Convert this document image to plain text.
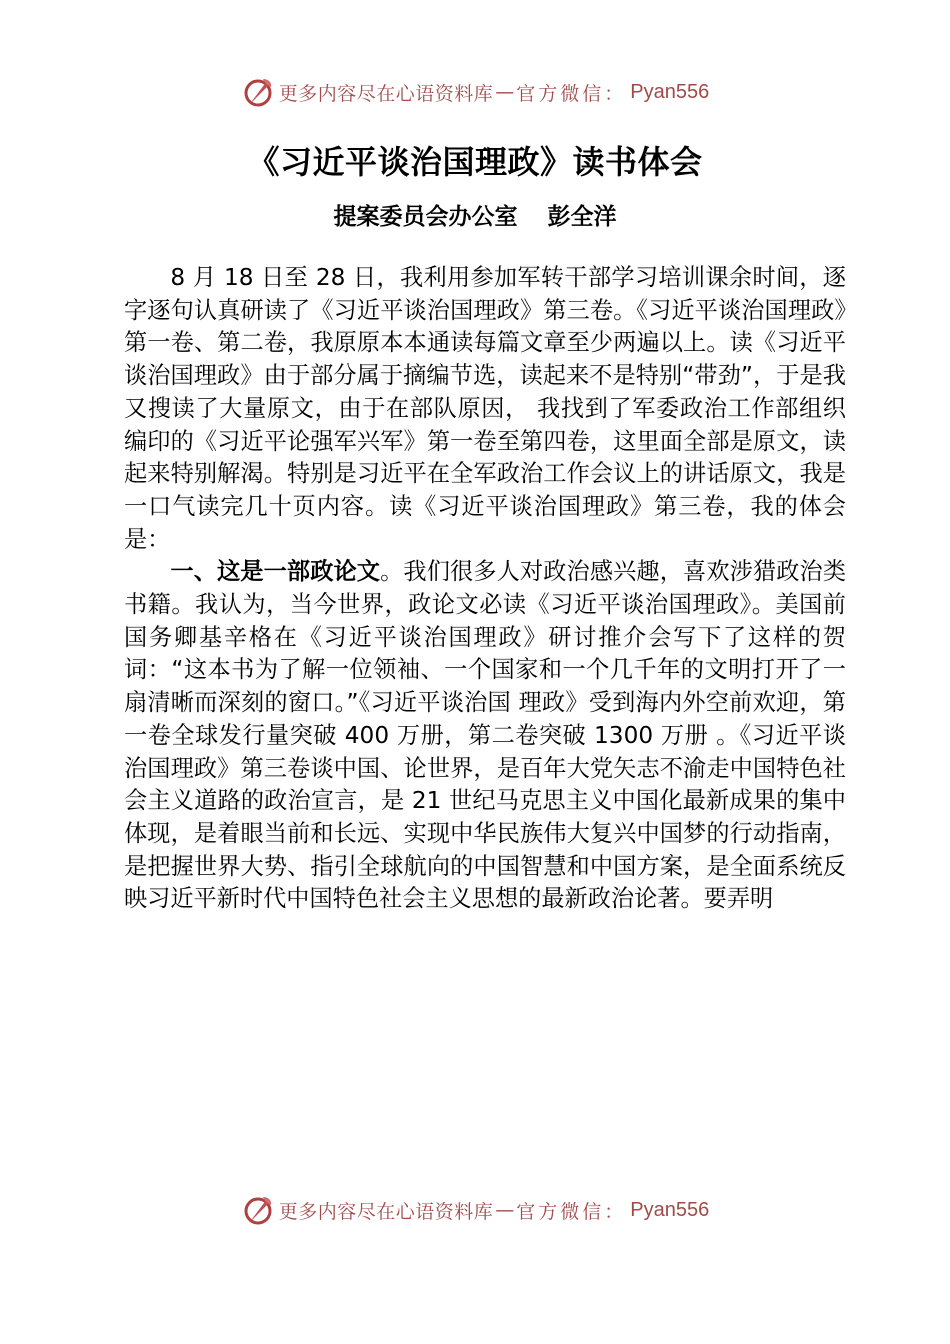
更多内容尽在心语资料库 — 官方微信： Pyan556
《习近平谈治国理政》读书体会
提案委员会办公室 彭全洋

8 月 18 日至 28 日，我利用参加军转干部学习培训课余时间，逐字逐句认真研读了《习近平谈治国理政》第三卷。《习近平谈治国理政》第一卷、第二卷，我原原本本通读每篇文章至少两遍以上。读《习近平谈治国理政》由于部分属于摘编节选，读起来不是特别“带劲”，于是我又搜读了大量原文，由于在部队原因， 我找到了军委政治工作部组织编印的《习近平论强军兴军》第一卷至第四卷，这里面全部是原文，读起来特别解渴。特别是习近平在全军政治工作会议上的讲话原文，我是一口气读完几十页内容。读《习近平谈治国理政》第三卷，我的体会是：

一、这是一部政论文。我们很多人对政治感兴趣，喜欢涉猎政治类书籍。我认为，当今世界，政论文必读《习近平谈治国理政》。美国前国务卿基辛格在《习近平谈治国理政》研讨推介会写下了这样的贺词：“这本书为了解一位领袖、一个国家和一个几千年的文明打开了一扇清晰而深刻的窗口。”《习近平谈治国 理政》受到海内外空前欢迎，第一卷全球发行量突破 400 万册，第二卷突破 1300 万册 。《习近平谈治国理政》第三卷谈中国、论世界，是百年大党矢志不渝走中国特色社会主义道路的政治宣言，是 21 世纪马克思主义中国化最新成果的集中体现，是着眼当前和长远、实现中华民族伟大复兴中国梦的行动指南，是把握世界大势、指引全球航向的中国智慧和中国方案，是全面系统反映习近平新时代中国特色社会主义思想的最新政治论著。要弄明

更多内容尽在心语资料库 — 官方微信： Pyan556
